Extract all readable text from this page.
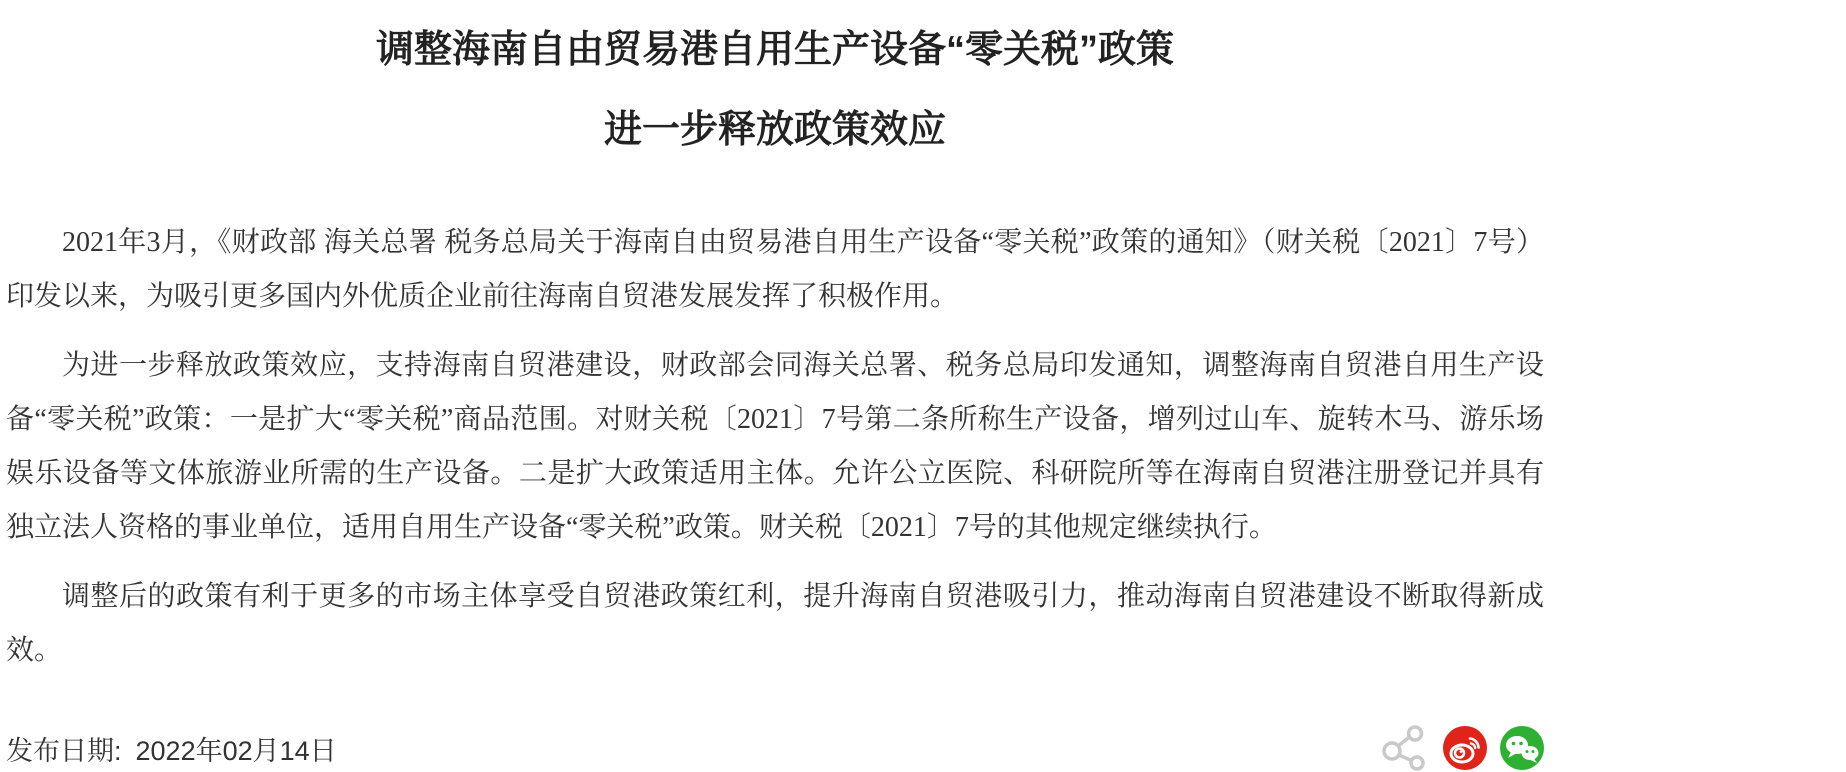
调整海南自由贸易港自用生产设备“零关税”政策
进一步释放政策效应

2021年3月，《财政部 海关总署 税务总局关于海南自由贸易港自用生产设备“零关税”政策的通知》（财关税〔2021〕7号）印发以来，为吸引更多国内外优质企业前往海南自贸港发展发挥了积极作用。

为进一步释放政策效应，支持海南自贸港建设，财政部会同海关总署、税务总局印发通知，调整海南自贸港自用生产设备“零关税”政策：一是扩大“零关税”商品范围。对财关税〔2021〕7号第二条所称生产设备，增列过山车、旋转木马、游乐场娱乐设备等文体旅游业所需的生产设备。二是扩大政策适用主体。允许公立医院、科研院所等在海南自贸港注册登记并具有独立法人资格的事业单位，适用自用生产设备“零关税”政策。财关税〔2021〕7号的其他规定继续执行。

调整后的政策有利于更多的市场主体享受自贸港政策红利，提升海南自贸港吸引力，推动海南自贸港建设不断取得新成效。

发布日期: 2022年02月14日
